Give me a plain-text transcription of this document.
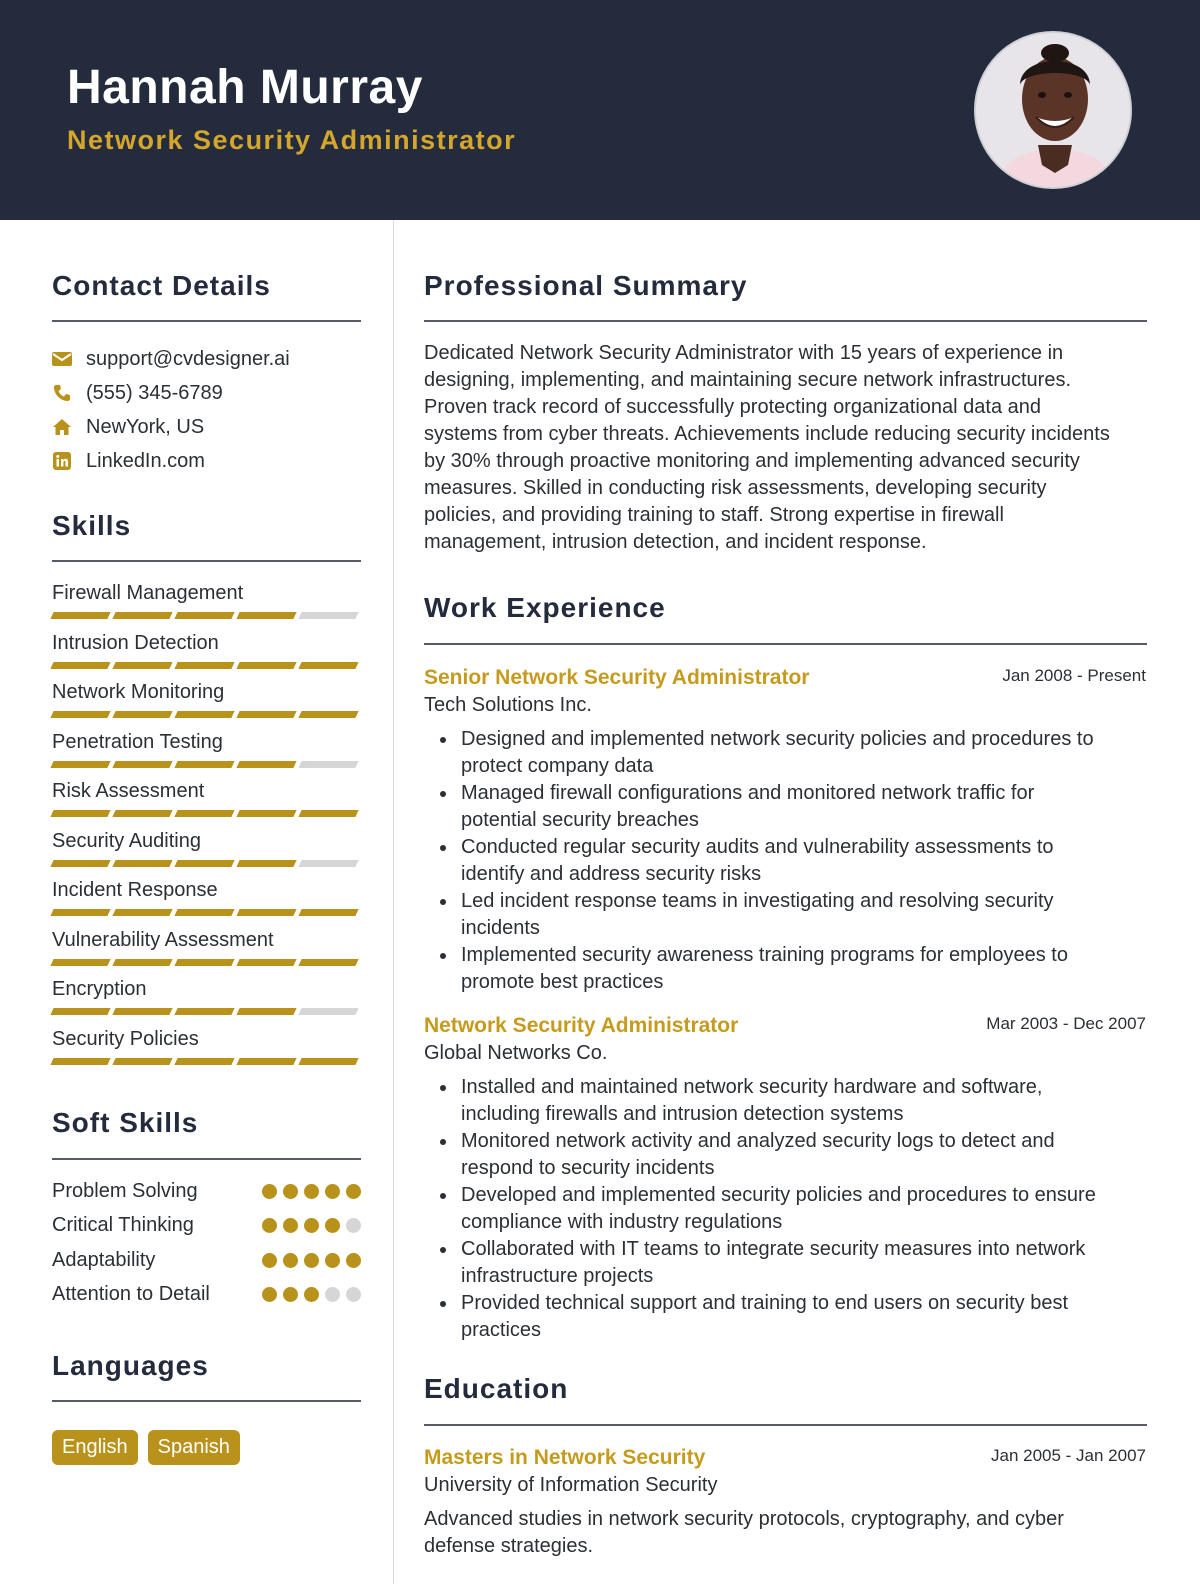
Hannah Murray
Network Security Administrator
Contact Details
support@cvdesigner.ai
(555) 345-6789
NewYork, US
LinkedIn.com
Skills
Firewall Management
Intrusion Detection
Network Monitoring
Penetration Testing
Risk Assessment
Security Auditing
Incident Response
Vulnerability Assessment
Encryption
Security Policies
Soft Skills
Problem Solving
Critical Thinking
Adaptability
Attention to Detail
Languages
English	Spanish
Professional Summary
Dedicated Network Security Administrator with 15 years of experience in
designing, implementing, and maintaining secure network infrastructures.
Proven track record of successfully protecting organizational data and
systems from cyber threats. Achievements include reducing security incidents
by 30% through proactive monitoring and implementing advanced security
measures. Skilled in conducting risk assessments, developing security
policies, and providing training to staff. Strong expertise in firewall
management, intrusion detection, and incident response.
Work Experience
Senior Network Security Administrator	Jan 2008 - Present
Tech Solutions Inc.
Designed and implemented network security policies and procedures to
protect company data
Managed firewall configurations and monitored network traffic for
potential security breaches
Conducted regular security audits and vulnerability assessments to
identify and address security risks
Led incident response teams in investigating and resolving security
incidents
Implemented security awareness training programs for employees to
promote best practices
Network Security Administrator	Mar 2003 - Dec 2007
Global Networks Co.
Installed and maintained network security hardware and software,
including firewalls and intrusion detection systems
Monitored network activity and analyzed security logs to detect and
respond to security incidents
Developed and implemented security policies and procedures to ensure
compliance with industry regulations
Collaborated with IT teams to integrate security measures into network
infrastructure projects
Provided technical support and training to end users on security best
practices
Education
Masters in Network Security	Jan 2005 - Jan 2007
University of Information Security
Advanced studies in network security protocols, cryptography, and cyber
defense strategies.
